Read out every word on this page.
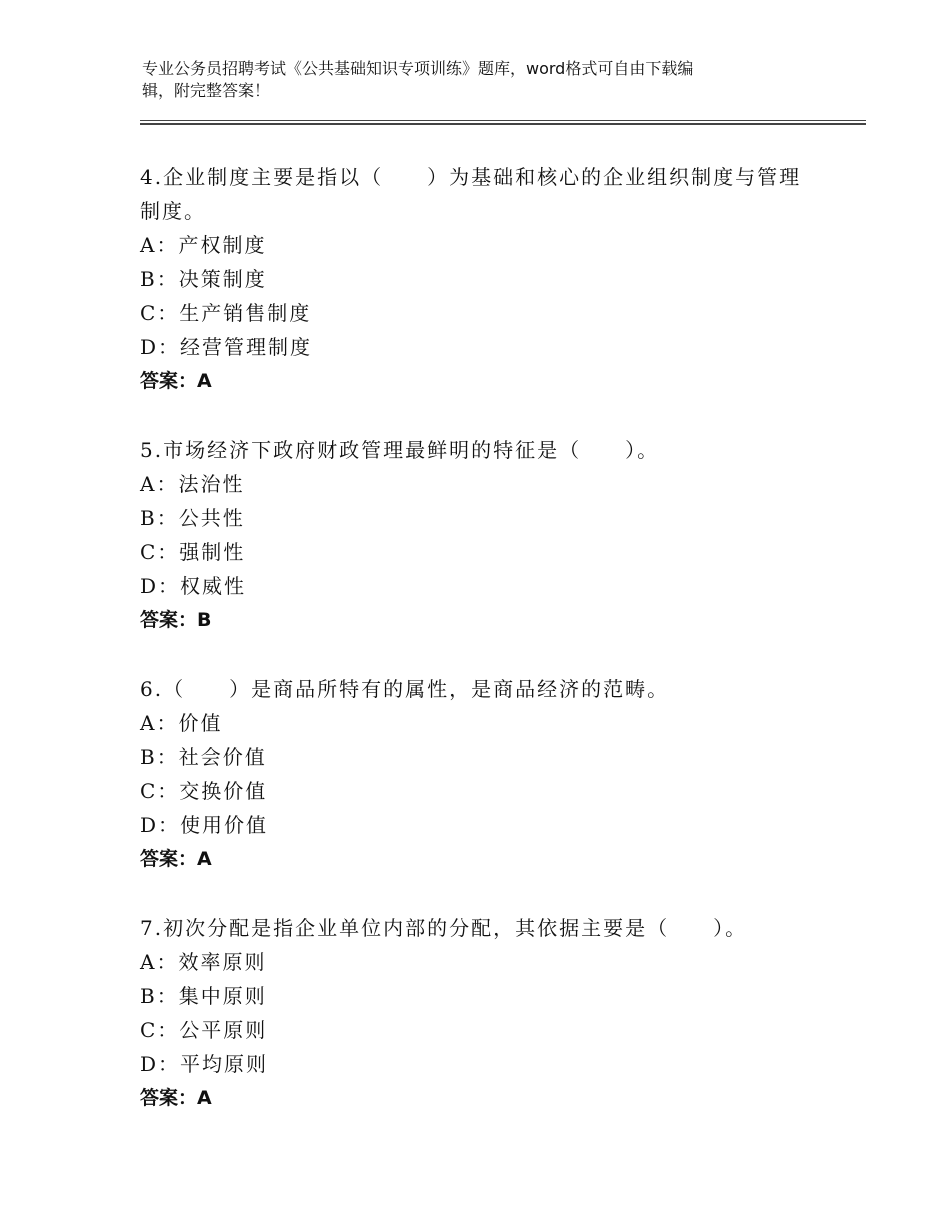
专业公务员招聘考试《公共基础知识专项训练》题库，word格式可自由下载编
辑，附完整答案！
4.企业制度主要是指以（　　）为基础和核心的企业组织制度与管理
制度。
A：产权制度
B：决策制度
C：生产销售制度
D：经营管理制度
答案：A
5.市场经济下政府财政管理最鲜明的特征是（　　）。
A：法治性
B：公共性
C：强制性
D：权威性
答案：B
6.（　　）是商品所特有的属性，是商品经济的范畴。
A：价值
B：社会价值
C：交换价值
D：使用价值
答案：A
7.初次分配是指企业单位内部的分配，其依据主要是（　　）。
A：效率原则
B：集中原则
C：公平原则
D：平均原则
答案：A
